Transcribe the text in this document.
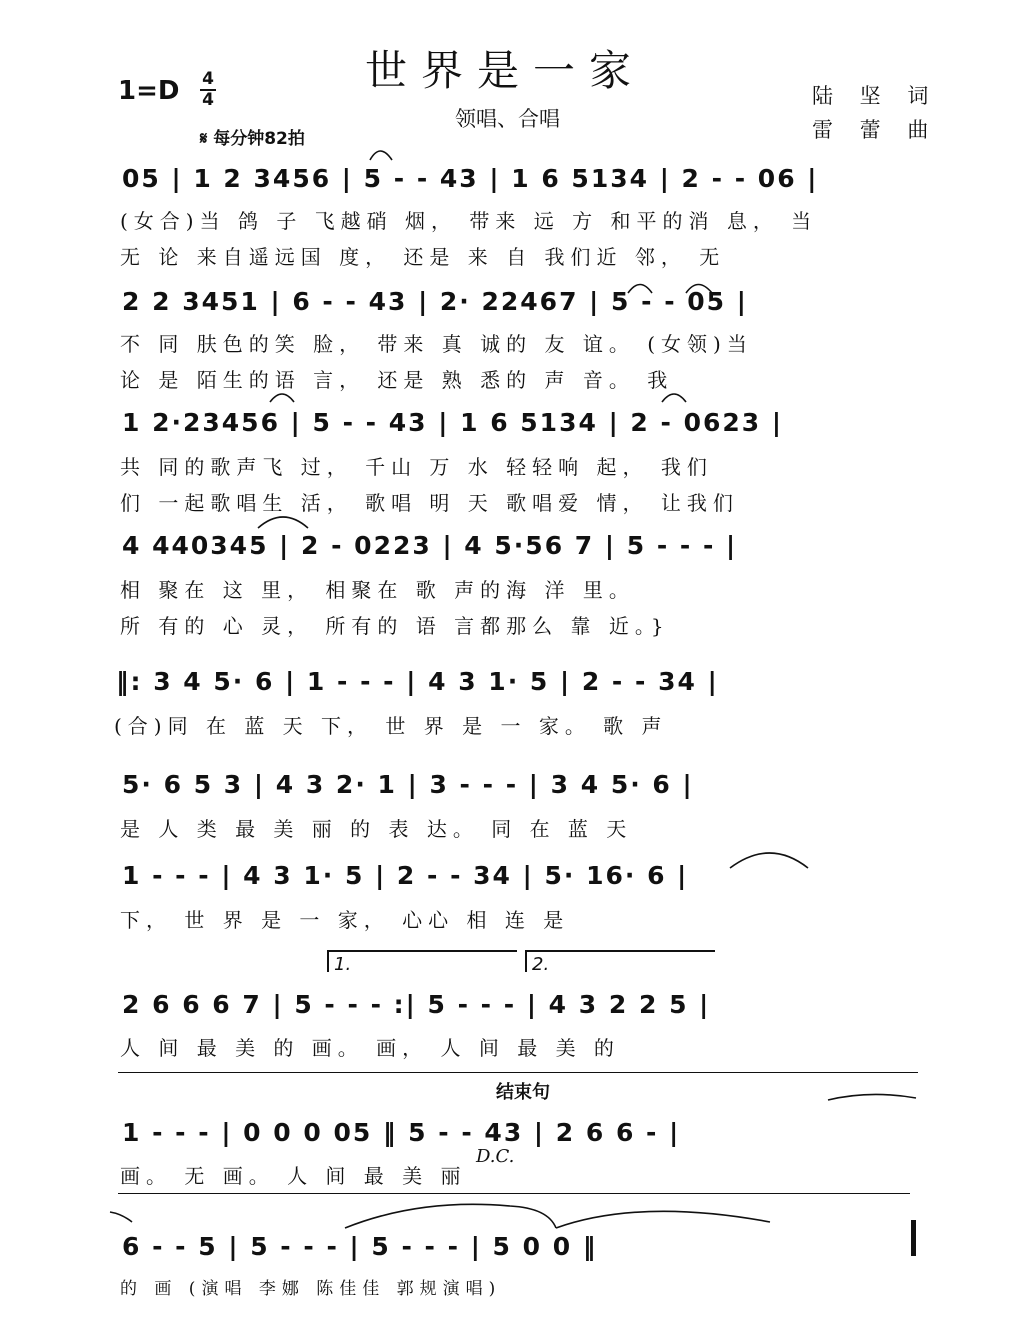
世界是一家
1=D 4
4
领唱、合唱
陆 坚 词
雷 蕾 曲
𝄋 每分钟82拍
05 | 1 2 3456 | 5 - - 43 | 1 6 5134 | 2 - - 06 |
(女合)当 鸽 子 飞越硝 烟， 带来 远 方 和平的消 息， 当
无 论 来自遥远国 度， 还是 来 自 我们近 邻， 无
2 2 3451 | 6 - - 43 | 2· 22467 | 5 - - 05 |
不 同 肤色的笑 脸， 带来 真 诚的 友 谊。 (女领)当
论 是 陌生的语 言， 还是 熟 悉的 声 音。 我
1 2·23456 | 5 - - 43 | 1 6 5134 | 2 - 0623 |
共 同的歌声飞 过， 千山 万 水 轻轻响 起， 我们
们 一起歌唱生 活， 歌唱 明 天 歌唱爱 情， 让我们
4 440345 | 2 - 0223 | 4 5·56 7 | 5 - - - |
相 聚在 这 里， 相聚在 歌 声的海 洋 里。
所 有的 心 灵， 所有的 语 言都那么 靠 近。}
‖: 3 4 5· 6 | 1 - - - | 4 3 1· 5 | 2 - - 34 |
(合)同 在 蓝 天 下， 世 界 是 一 家。 歌 声
5· 6 5 3 | 4 3 2· 1 | 3 - - - | 3 4 5· 6 |
是 人 类 最 美 丽 的 表 达。 同 在 蓝 天
1 - - - | 4 3 1· 5 | 2 - - 34 | 5· 16· 6 |
下， 世 界 是 一 家， 心心 相 连 是
1.	2.
2 6 6 6 7 | 5 - - - :| 5 - - - | 4 3 2 2 5 |
人 间 最 美 的 画。 画， 人 间 最 美 的
结束句
1 - - - | 0 0 0 05 ‖ 5 - - 43 | 2 6 6 - |
D.C.
画。 无 画。 人 间 最 美 丽
6 - - 5 | 5 - - - | 5 - - - | 5 0 0 ‖
的 画 (演唱 李娜 陈佳佳 郭规演唱)
